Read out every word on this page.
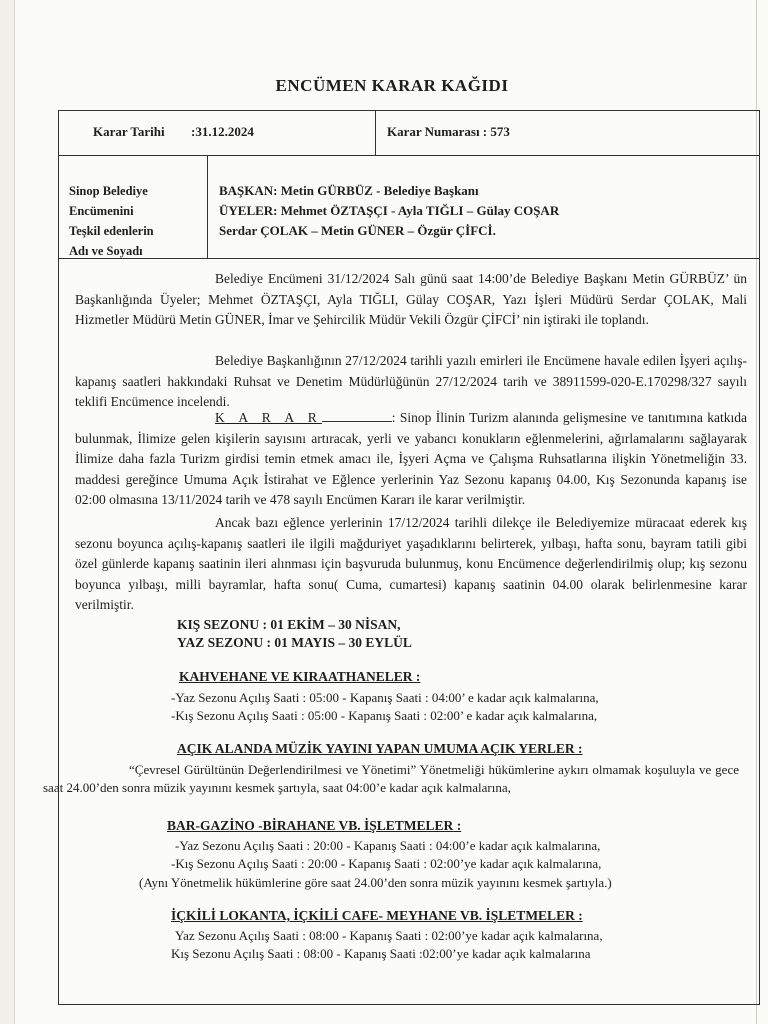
ENCÜMEN KARAR KAĞIDI
Karar Tarihi :31.12.2024	Karar Numarası : 573
Sinop Belediye
Encümenini
Teşkil edenlerin
Adı ve Soyadı
BAŞKAN: Metin GÜRBÜZ - Belediye Başkanı
ÜYELER: Mehmet ÖZTAŞÇI - Ayla TIĞLI – Gülay COŞAR
Serdar ÇOLAK – Metin GÜNER – Özgür ÇİFCİ.
Belediye Encümeni 31/12/2024 Salı günü saat 14:00’de Belediye Başkanı Metin GÜRBÜZ’ ün Başkanlığında Üyeler; Mehmet ÖZTAŞÇI, Ayla TIĞLI, Gülay COŞAR, Yazı İşleri Müdürü Serdar ÇOLAK, Mali Hizmetler Müdürü Metin GÜNER, İmar ve Şehircilik Müdür Vekili Özgür ÇİFCİ’ nin iştiraki ile toplandı.
Belediye Başkanlığının 27/12/2024 tarihli yazılı emirleri ile Encümene havale edilen İşyeri açılış-kapanış saatleri hakkındaki Ruhsat ve Denetim Müdürlüğünün 27/12/2024 tarih ve 38911599-020-E.170298/327 sayılı teklifi Encümence incelendi.
K A R A R	: Sinop İlinin Turizm alanında gelişmesine ve tanıtımına katkıda bulunmak, İlimize gelen kişilerin sayısını artıracak, yerli ve yabancı konukların eğlenmelerini, ağırlamalarını sağlayarak İlimize daha fazla Turizm girdisi temin etmek amacı ile, İşyeri Açma ve Çalışma Ruhsatlarına ilişkin Yönetmeliğin 33. maddesi gereğince Umuma Açık İstirahat ve Eğlence yerlerinin Yaz Sezonu kapanış 04.00, Kış Sezonunda kapanış ise 02:00 olmasına 13/11/2024 tarih ve 478 sayılı Encümen Kararı ile karar verilmiştir.
Ancak bazı eğlence yerlerinin 17/12/2024 tarihli dilekçe ile Belediyemize müracaat ederek kış sezonu boyunca açılış-kapanış saatleri ile ilgili mağduriyet yaşadıklarını belirterek, yılbaşı, hafta sonu, bayram tatili gibi özel günlerde kapanış saatinin ileri alınması için başvuruda bulunmuş, konu Encümence değerlendirilmiş olup; kış sezonu boyunca yılbaşı, milli bayramlar, hafta sonu( Cuma, cumartesi) kapanış saatinin 04.00 olarak belirlenmesine karar verilmiştir.
KIŞ SEZONU : 01 EKİM – 30 NİSAN,
YAZ SEZONU : 01 MAYIS – 30 EYLÜL
KAHVEHANE VE KIRAATHANELER :
-Yaz Sezonu Açılış Saati : 05:00 - Kapanış Saati : 04:00’ e kadar açık kalmalarına,
-Kış Sezonu Açılış Saati : 05:00 - Kapanış Saati : 02:00’ e kadar açık kalmalarına,
AÇIK ALANDA MÜZİK YAYINI YAPAN UMUMA AÇIK YERLER :
“Çevresel Gürültünün Değerlendirilmesi ve Yönetimi” Yönetmeliği hükümlerine aykırı olmamak koşuluyla ve gece saat 24.00’den sonra müzik yayınını kesmek şartıyla, saat 04:00’e kadar açık kalmalarına,
BAR-GAZİNO -BİRAHANE VB. İŞLETMELER :
-Yaz Sezonu Açılış Saati : 20:00 - Kapanış Saati : 04:00’e kadar açık kalmalarına,
-Kış Sezonu Açılış Saati : 20:00 - Kapanış Saati : 02:00’ye kadar açık kalmalarına,
(Aynı Yönetmelik hükümlerine göre saat 24.00’den sonra müzik yayınını kesmek şartıyla.)
İÇKİLİ LOKANTA, İÇKİLİ CAFE- MEYHANE VB. İŞLETMELER :
Yaz Sezonu Açılış Saati : 08:00 - Kapanış Saati : 02:00’ye kadar açık kalmalarına,
Kış Sezonu Açılış Saati : 08:00 - Kapanış Saati :02:00’ye kadar açık kalmalarına
